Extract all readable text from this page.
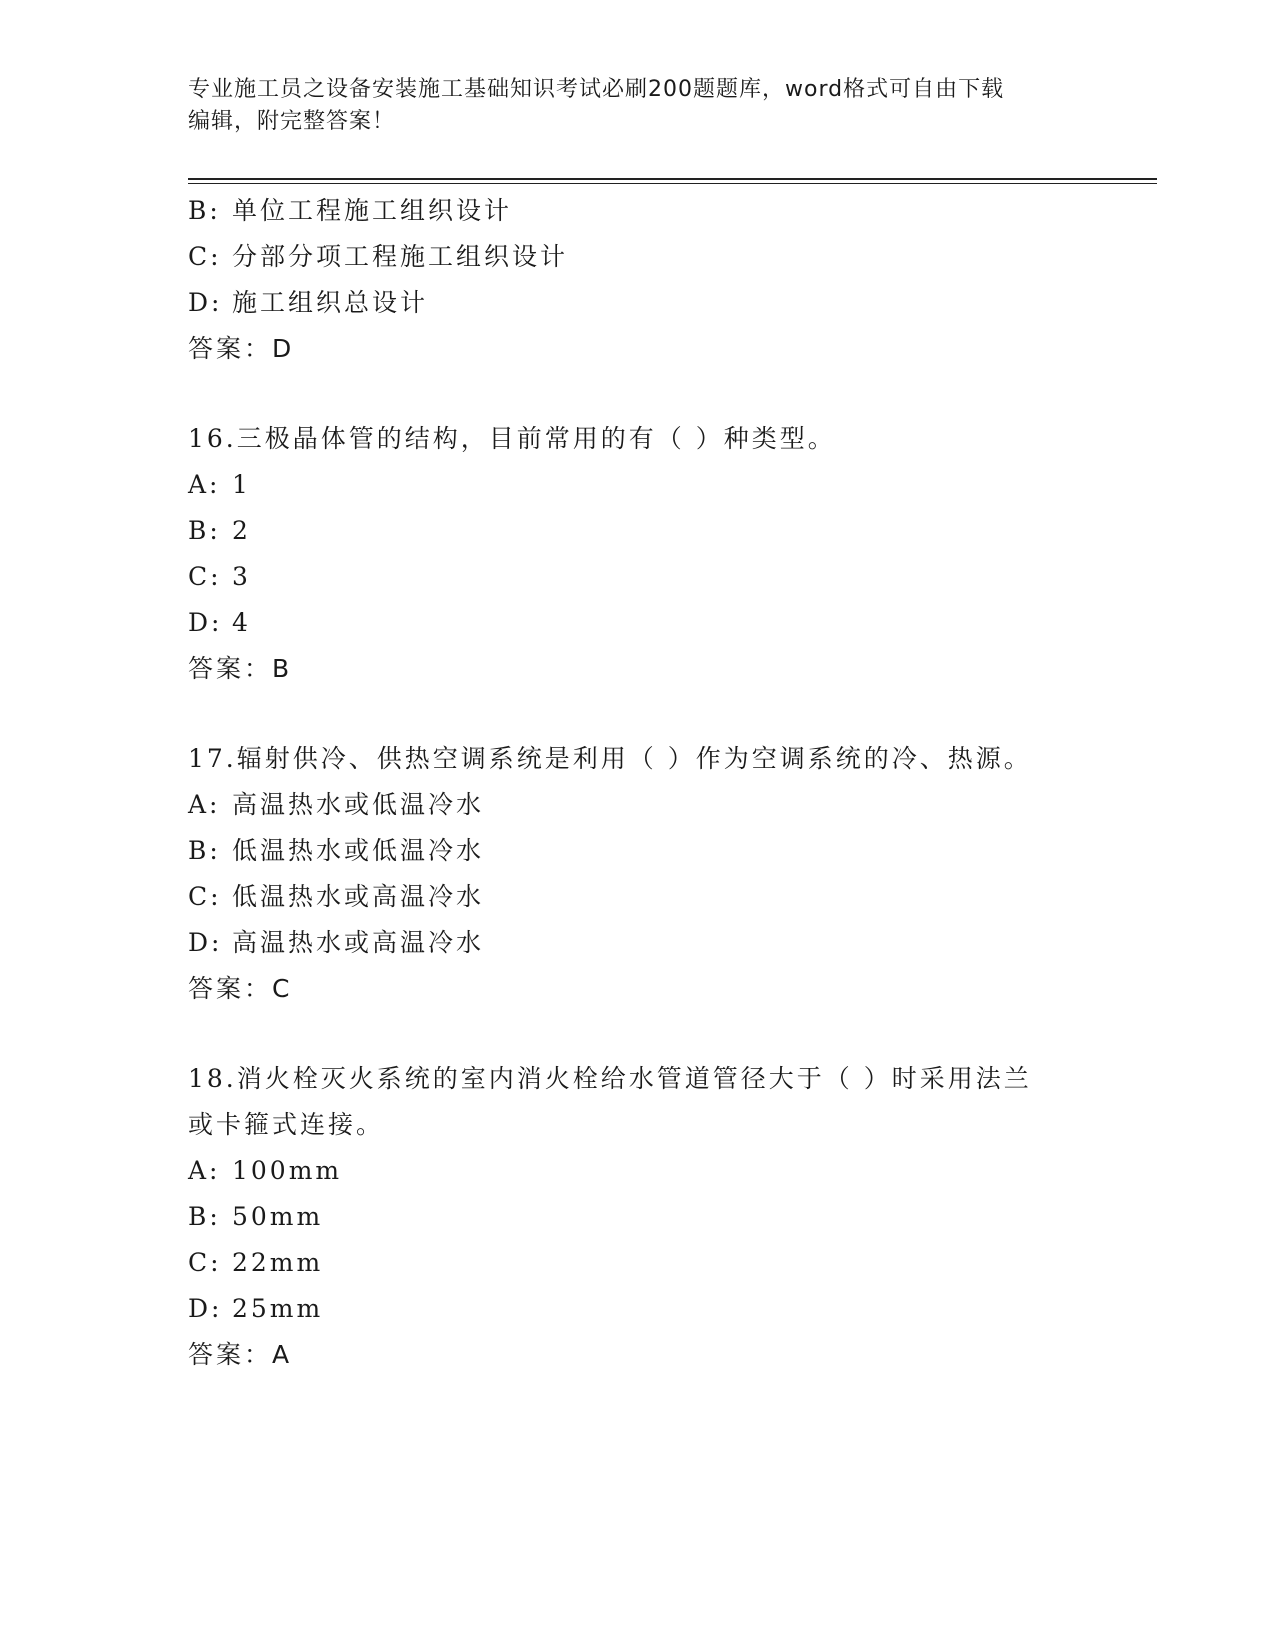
专业施工员之设备安装施工基础知识考试必刷200题题库，word格式可自由下载
编辑，附完整答案！
B: 单位工程施工组织设计
C: 分部分项工程施工组织设计
D: 施工组织总设计
答案：D
16.三极晶体管的结构，目前常用的有（ ）种类型。
A: 1
B: 2
C: 3
D: 4
答案：B
17.辐射供冷、供热空调系统是利用（ ）作为空调系统的冷、热源。
A: 高温热水或低温冷水
B: 低温热水或低温冷水
C: 低温热水或高温冷水
D: 高温热水或高温冷水
答案：C
18.消火栓灭火系统的室内消火栓给水管道管径大于（ ）时采用法兰
或卡箍式连接。
A: 100mm
B: 50mm
C: 22mm
D: 25mm
答案：A
